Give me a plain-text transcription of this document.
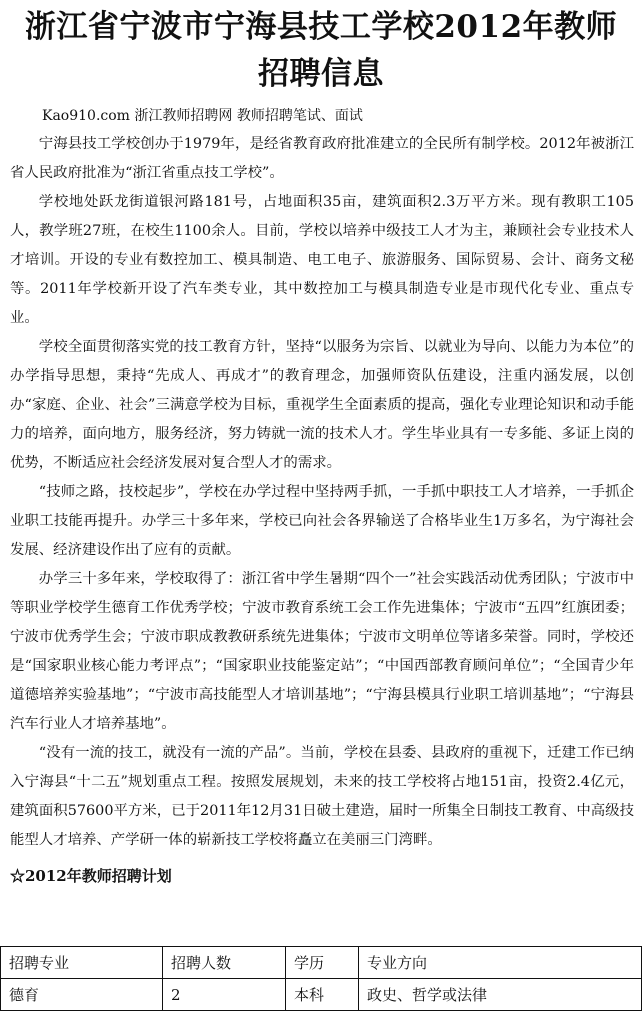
浙江省宁波市宁海县技工学校2012年教师招聘信息
Kao910.com 浙江教师招聘网 教师招聘笔试、面试

宁海县技工学校创办于1979年，是经省教育政府批准建立的全民所有制学校。2012年被浙江省人民政府批准为“浙江省重点技工学校”。

学校地处跃龙街道银河路181号，占地面积35亩，建筑面积2.3万平方米。现有教职工105人，教学班27班，在校生1100余人。目前，学校以培养中级技工人才为主，兼顾社会专业技术人才培训。开设的专业有数控加工、模具制造、电工电子、旅游服务、国际贸易、会计、商务文秘等。2011年学校新开设了汽车类专业，其中数控加工与模具制造专业是市现代化专业、重点专业。

学校全面贯彻落实党的技工教育方针，坚持“以服务为宗旨、以就业为导向、以能力为本位”的办学指导思想，秉持“先成人、再成才”的教育理念，加强师资队伍建设，注重内涵发展，以创办“家庭、企业、社会”三满意学校为目标，重视学生全面素质的提高，强化专业理论知识和动手能力的培养，面向地方，服务经济，努力铸就一流的技术人才。学生毕业具有一专多能、多证上岗的优势，不断适应社会经济发展对复合型人才的需求。

“技师之路，技校起步”，学校在办学过程中坚持两手抓，一手抓中职技工人才培养，一手抓企业职工技能再提升。办学三十多年来，学校已向社会各界输送了合格毕业生1万多名，为宁海社会发展、经济建设作出了应有的贡献。

办学三十多年来，学校取得了：浙江省中学生暑期“四个一”社会实践活动优秀团队；宁波市中等职业学校学生德育工作优秀学校；宁波市教育系统工会工作先进集体；宁波市“五四”红旗团委；宁波市优秀学生会；宁波市职成教教研系统先进集体；宁波市文明单位等诸多荣誉。同时，学校还是“国家职业核心能力考评点”；“国家职业技能鉴定站”；“中国西部教育顾问单位”；“全国青少年道德培养实验基地”；“宁波市高技能型人才培训基地”；“宁海县模具行业职工培训基地”；“宁海县汽车行业人才培养基地”。

“没有一流的技工，就没有一流的产品”。当前，学校在县委、县政府的重视下，迁建工作已纳入宁海县“十二五”规划重点工程。按照发展规划，未来的技工学校将占地151亩，投资2.4亿元，建筑面积57600平方米，已于2011年12月31日破土建造，届时一所集全日制技工教育、中高级技能型人才培养、产学研一体的崭新技工学校将矗立在美丽三门湾畔。

☆2012年教师招聘计划
招聘专业	招聘人数	学历	专业方向
德育	2	本科	政史、哲学或法律
